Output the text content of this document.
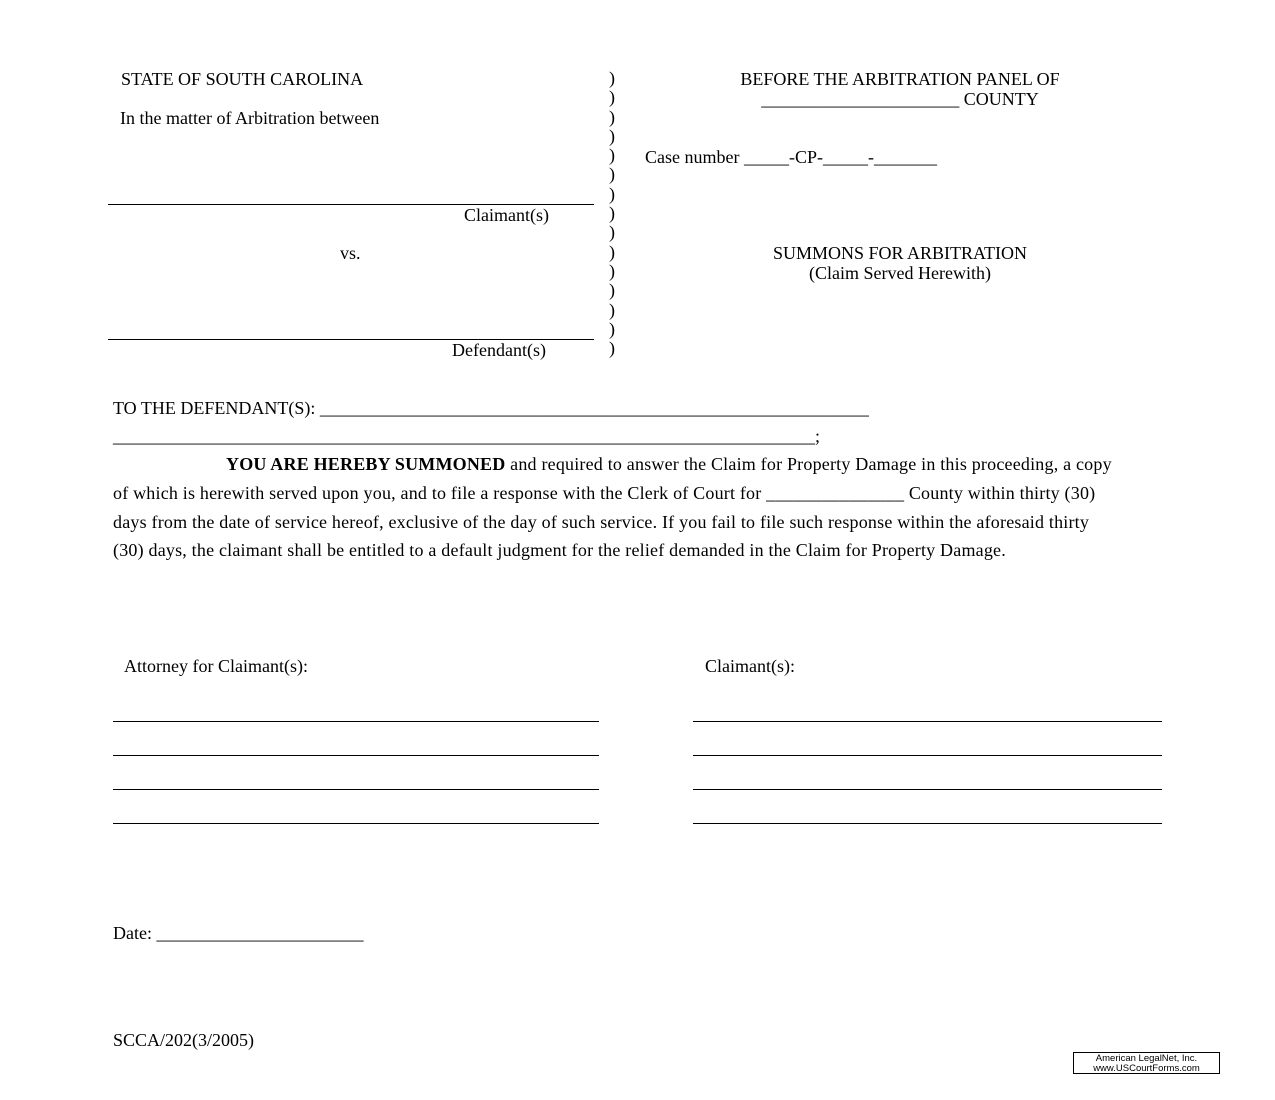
STATE OF SOUTH CAROLINA
In the matter of Arbitration between
Claimant(s)
vs.
Defendant(s)
)
)
)
)
)
)
)
)
)
)
)
)
)
)
)
BEFORE THE ARBITRATION PANEL OF
______________________ COUNTY
Case number _____-CP-_____-_______
SUMMONS FOR ARBITRATION
(Claim Served Herewith)
TO THE DEFENDANT(S): _____________________________________________________________
______________________________________________________________________________;
YOU ARE HEREBY SUMMONED and required to answer the Claim for Property Damage in this proceeding, a copy of which is herewith served upon you, and to file a response with the Clerk of Court for _______________ County within thirty (30) days from the date of service hereof, exclusive of the day of such service. If you fail to file such response within the aforesaid thirty (30) days, the claimant shall be entitled to a default judgment for the relief demanded in the Claim for Property Damage.
Attorney for Claimant(s):	Claimant(s):
Date: _______________________
SCCA/202(3/2005)
American LegalNet, Inc.
www.USCourtForms.com
